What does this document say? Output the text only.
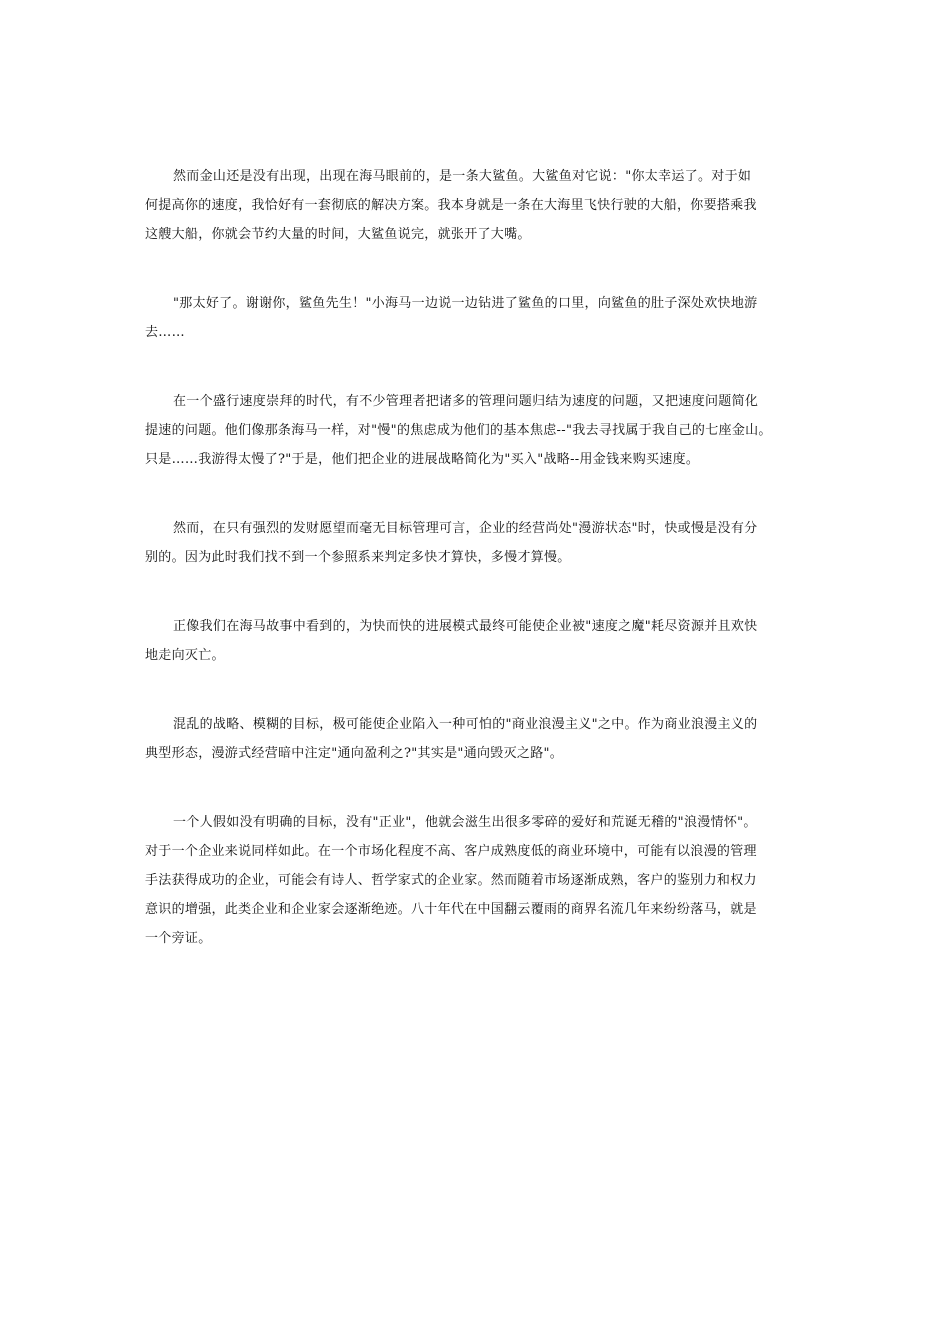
然而金山还是没有出现，出现在海马眼前的，是一条大鲨鱼。大鲨鱼对它说："你太幸运了。对于如
何提高你的速度，我恰好有一套彻底的解决方案。我本身就是一条在大海里飞快行驶的大船，你要搭乘我
这艘大船，你就会节约大量的时间，大鲨鱼说完，就张开了大嘴。
"那太好了。谢谢你，鲨鱼先生！"小海马一边说一边钻进了鲨鱼的口里，向鲨鱼的肚子深处欢快地游
去……
在一个盛行速度崇拜的时代，有不少管理者把诸多的管理问题归结为速度的问题，又把速度问题简化
提速的问题。他们像那条海马一样，对"慢"的焦虑成为他们的基本焦虑--"我去寻找属于我自己的七座金山。
只是……我游得太慢了?"于是，他们把企业的进展战略简化为"买入"战略--用金钱来购买速度。
然而，在只有强烈的发财愿望而毫无目标管理可言，企业的经营尚处"漫游状态"时，快或慢是没有分
别的。因为此时我们找不到一个参照系来判定多快才算快，多慢才算慢。
正像我们在海马故事中看到的，为快而快的进展模式最终可能使企业被"速度之魔"耗尽资源并且欢快
地走向灭亡。
混乱的战略、模糊的目标，极可能使企业陷入一种可怕的"商业浪漫主义"之中。作为商业浪漫主义的
典型形态，漫游式经营暗中注定"通向盈利之?"其实是"通向毁灭之路"。
一个人假如没有明确的目标，没有"正业"，他就会滋生出很多零碎的爱好和荒诞无稽的"浪漫情怀"。
对于一个企业来说同样如此。在一个市场化程度不高、客户成熟度低的商业环境中，可能有以浪漫的管理
手法获得成功的企业，可能会有诗人、哲学家式的企业家。然而随着市场逐渐成熟，客户的鉴别力和权力
意识的增强，此类企业和企业家会逐渐绝迹。八十年代在中国翻云覆雨的商界名流几年来纷纷落马，就是
一个旁证。
